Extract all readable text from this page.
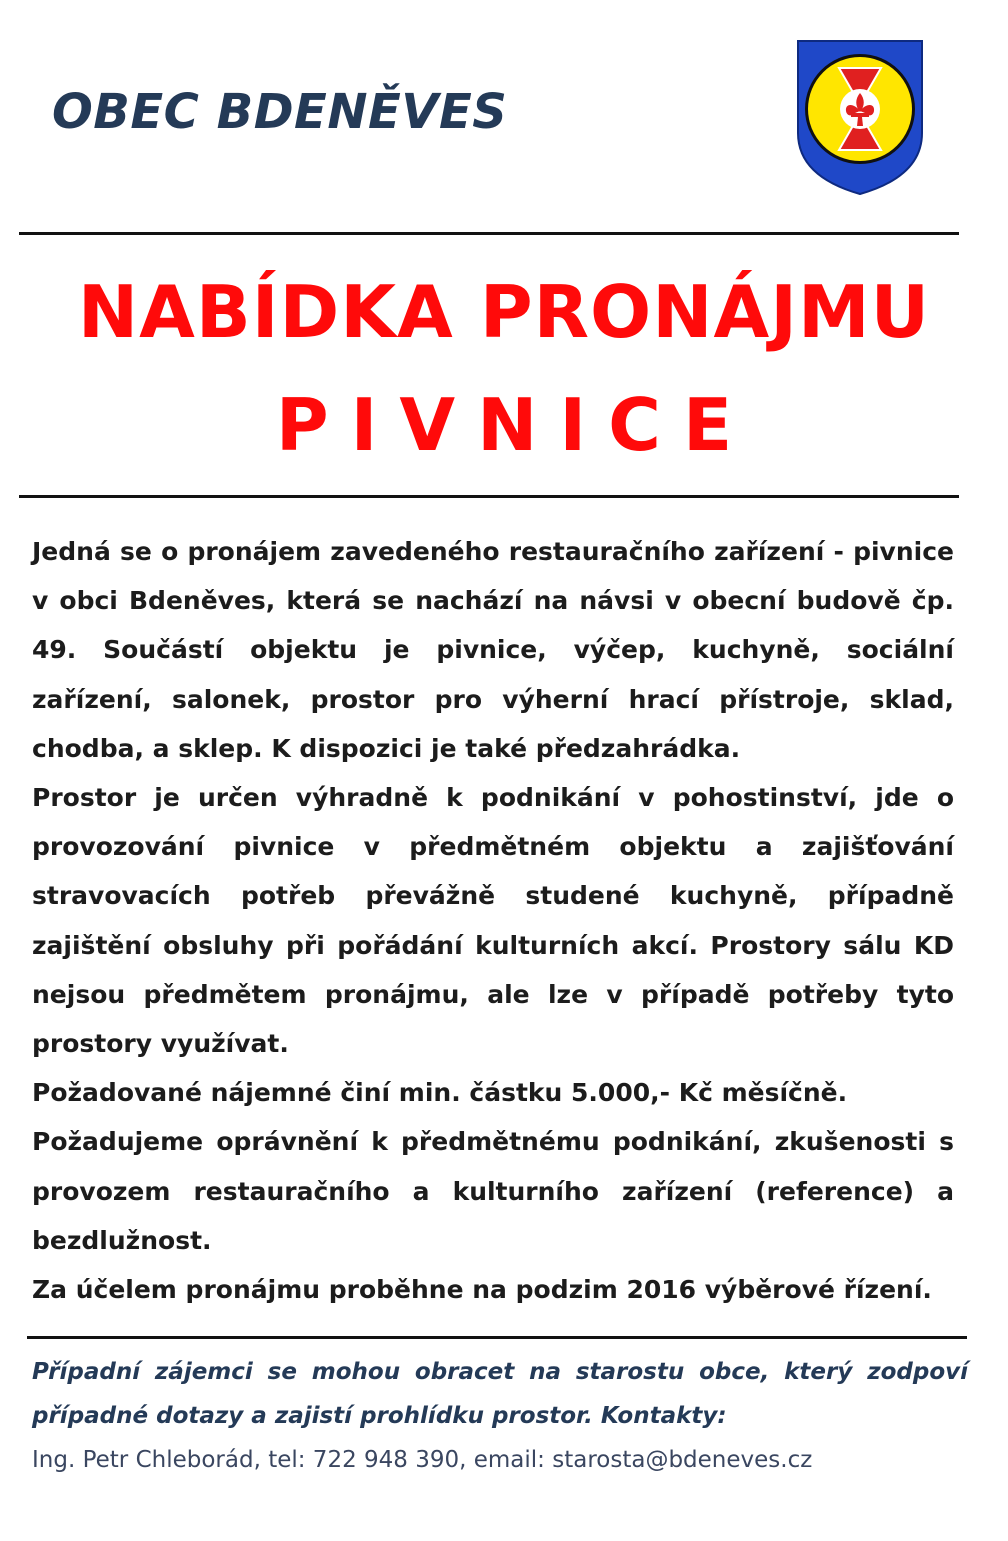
OBEC BDENĚVES
NABÍDKA PRONÁJMU
PIVNICE

Jedná se o pronájem zavedeného restauračního zařízení - pivnice v obci Bdeněves, která se nachází na návsi v obecní budově čp. 49. Součástí objektu je pivnice, výčep, kuchyně, sociální zařízení, salonek, prostor pro výherní hrací přístroje, sklad, chodba, a sklep. K dispozici je také předzahrádka.

Prostor je určen výhradně k podnikání v pohostinství, jde o provozování pivnice v předmětném objektu a zajišťování stravovacích potřeb převážně studené kuchyně, případně zajištění obsluhy při pořádání kulturních akcí. Prostory sálu KD nejsou předmětem pronájmu, ale lze v případě potřeby tyto prostory využívat.

Požadované nájemné činí min. částku 5.000,- Kč měsíčně.

Požadujeme oprávnění k předmětnému podnikání, zkušenosti s provozem restauračního a kulturního zařízení (reference) a bezdlužnost.

Za účelem pronájmu proběhne na podzim 2016 výběrové řízení.

Případní zájemci se mohou obracet na starostu obce, který zodpoví případné dotazy a zajistí prohlídku prostor. Kontakty:

Ing. Petr Chleborád, tel: 722 948 390, email: starosta@bdeneves.cz
